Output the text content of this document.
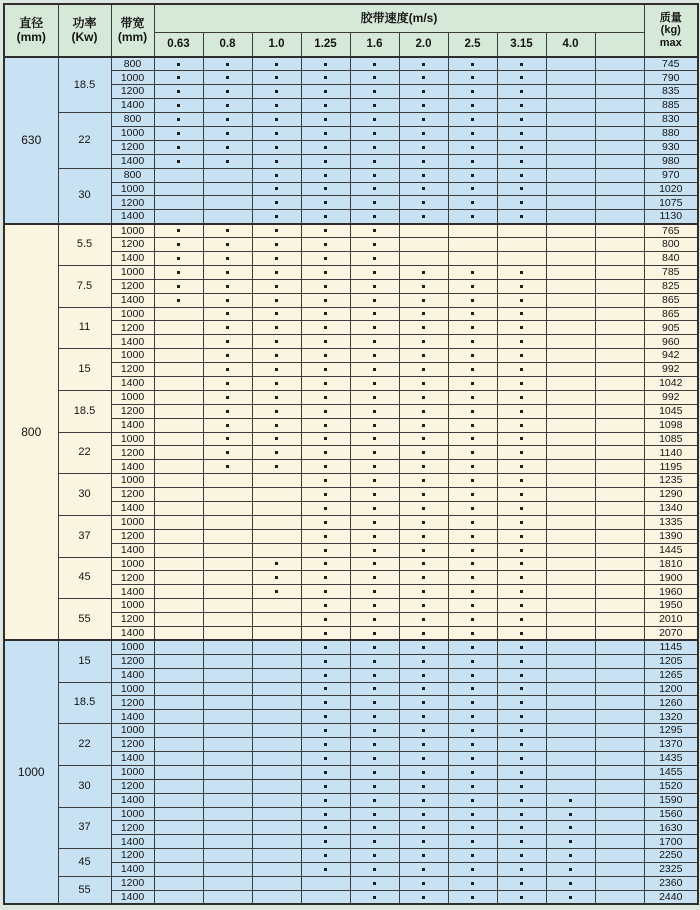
直径
(mm)

功率
(Kw)

带宽
(mm)
	胶带速度(m/s)	质量
(kg)
max

			0.63	0.8	1.0	1.25	1.6	2.0	2.5	3.15	4.0		
630	18.5	800											745
		1000											790
		1200											835
		1400											885
	22	800											830
		1000											880
		1200											930
		1400											980
	30	800											970
		1000											1020
		1200											1075
		1400											1130
800	5.5	1000											765
		1200											800
		1400											840
	7.5	1000											785
		1200											825
		1400											865
	11	1000											865
		1200											905
		1400											960
	15	1000											942
		1200											992
		1400											1042
	18.5	1000											992
		1200											1045
		1400											1098
	22	1000											1085
		1200											1140
		1400											1195
	30	1000											1235
		1200											1290
		1400											1340
	37	1000											1335
		1200											1390
		1400											1445
	45	1000											1810
		1200											1900
		1400											1960
	55	1000											1950
		1200											2010
		1400											2070
1000	15	1000											1145
		1200											1205
		1400											1265
	18.5	1000											1200
		1200											1260
		1400											1320
	22	1000											1295
		1200											1370
		1400											1435
	30	1000											1455
		1200											1520
		1400											1590
	37	1000											1560
		1200											1630
		1400											1700
	45	1200											2250
		1400											2325
	55	1200											2360
		1400											2440
